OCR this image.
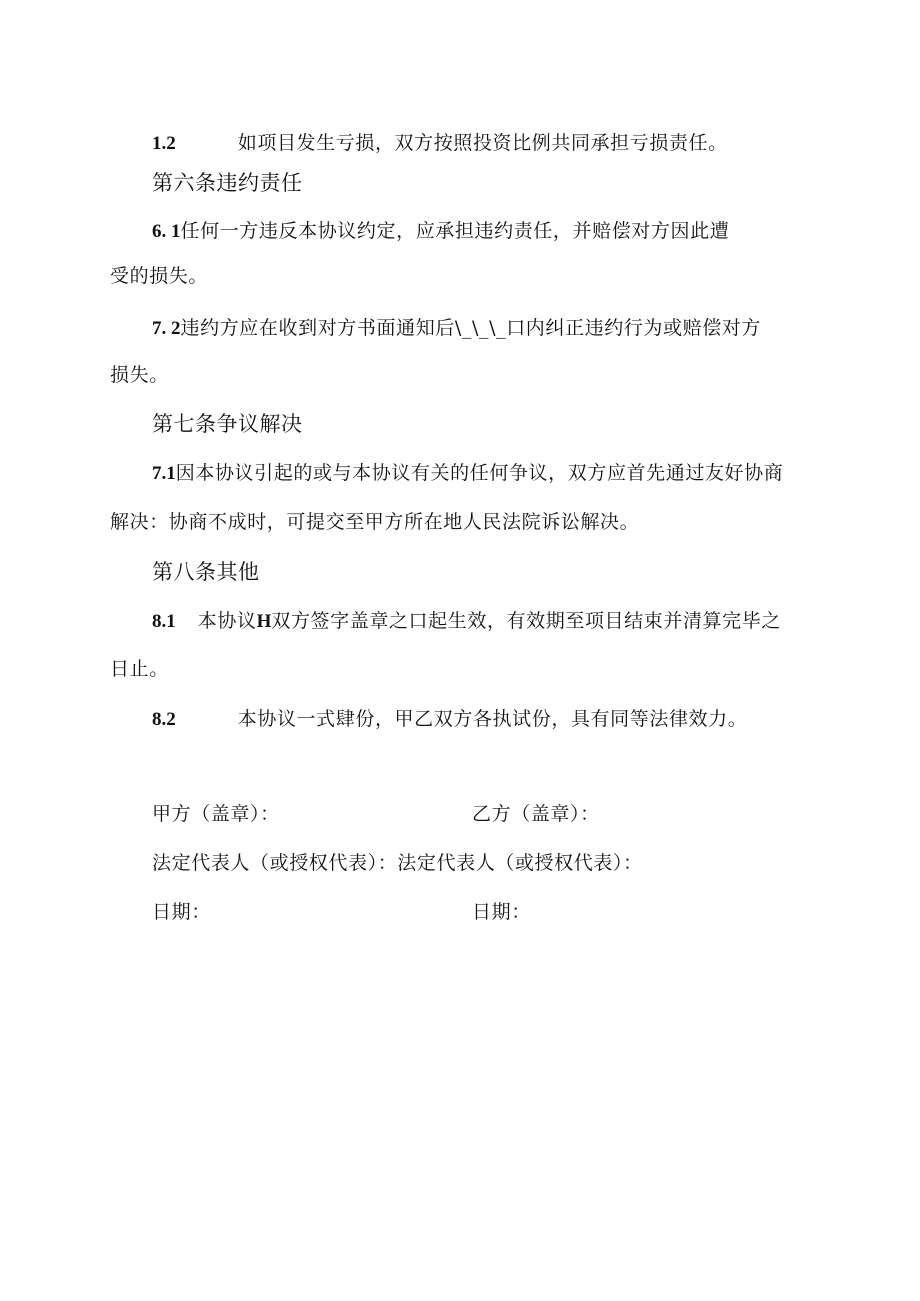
1.2	如项目发生亏损，双方按照投资比例共同承担亏损责任。
第六条违约责任
6. 1任何一方违反本协议约定，应承担违约责任，并赔偿对方因此遭
受的损失。
7. 2违约方应在收到对方书面通知后\_\_\_口内纠正违约行为或赔偿对方
损失。
第七条争议解决
7.1因本协议引起的或与本协议有关的任何争议，双方应首先通过友好协商
解决：协商不成时，可提交至甲方所在地人民法院诉讼解决。
第八条其他
8.1 本协议H双方签字盖章之口起生效，有效期至项目结束并清算完毕之
日止。
8.2	本协议一式肆份，甲乙双方各执试份，具有同等法律效力。
甲方（盖章）：	乙方（盖章）：
法定代表人（或授权代表）：法定代表人（或授权代表）：
日期：	日期：
